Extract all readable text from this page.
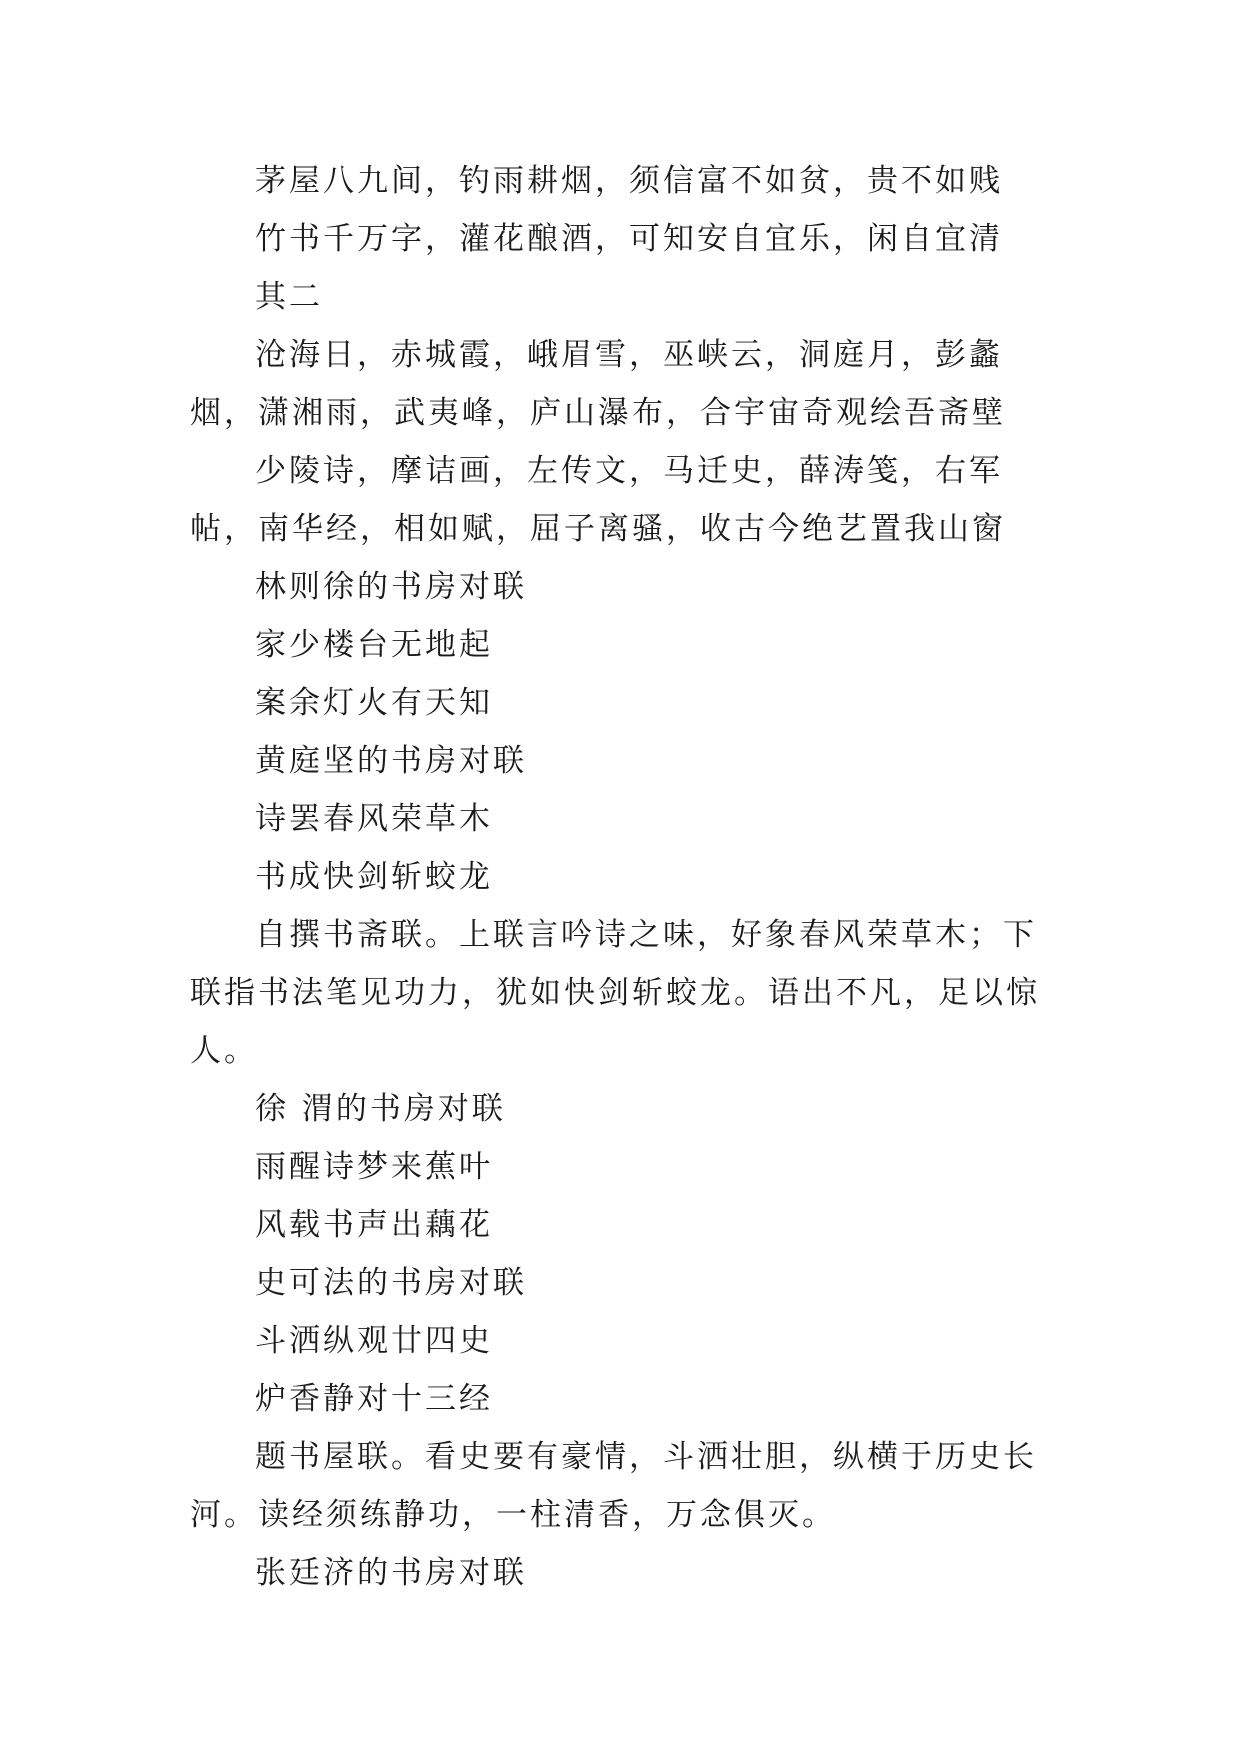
茅屋八九间，钓雨耕烟，须信富不如贫，贵不如贱

竹书千万字，灌花酿酒，可知安自宜乐，闲自宜清

其二

沧海日，赤城霞，峨眉雪，巫峡云，洞庭月，彭蠡烟，潇湘雨，武夷峰，庐山瀑布，合宇宙奇观绘吾斋壁

少陵诗，摩诘画，左传文，马迁史，薛涛笺，右军帖，南华经，相如赋，屈子离骚，收古今绝艺置我山窗

林则徐的书房对联

家少楼台无地起

案余灯火有天知

黄庭坚的书房对联

诗罢春风荣草木

书成快剑斩蛟龙

自撰书斋联。上联言吟诗之味，好象春风荣草木；下联指书法笔见功力，犹如快剑斩蛟龙。语出不凡，足以惊人。

徐 渭的书房对联

雨醒诗梦来蕉叶

风载书声出藕花

史可法的书房对联

斗洒纵观廿四史

炉香静对十三经

题书屋联。看史要有豪情，斗洒壮胆，纵横于历史长河。读经须练静功，一柱清香，万念俱灭。

张廷济的书房对联
